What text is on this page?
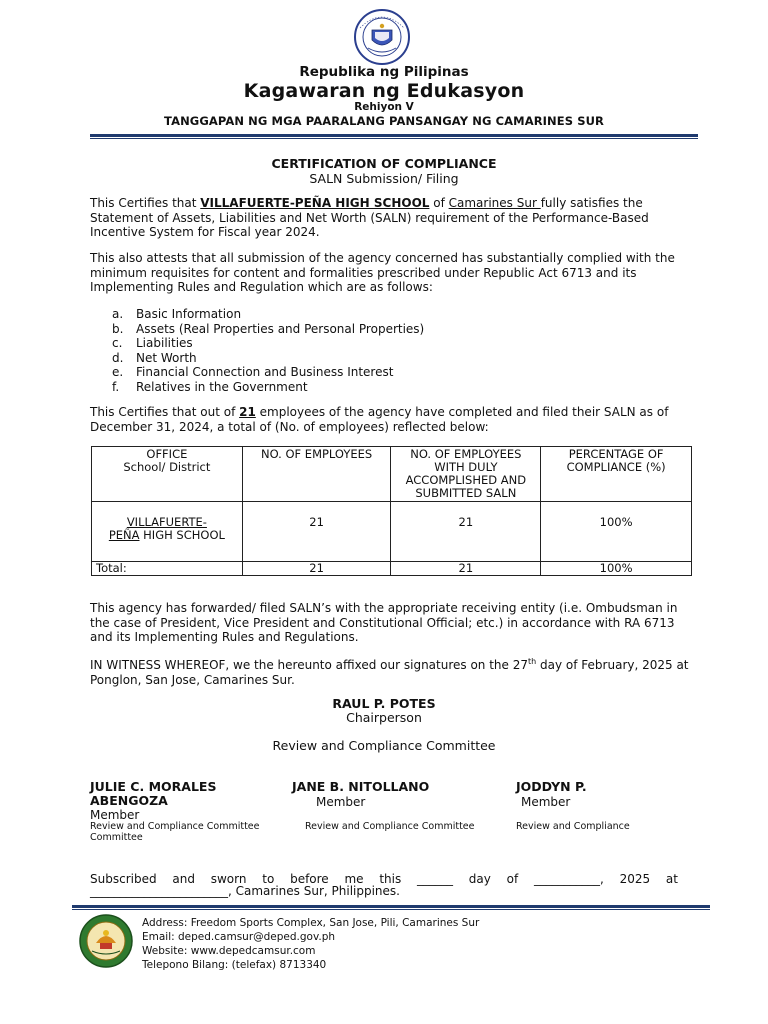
Republika ng Pilipinas
Kagawaran ng Edukasyon
Rehiyon V
TANGGAPAN NG MGA PAARALANG PANSANGAY NG CAMARINES SUR
CERTIFICATION OF COMPLIANCE
SALN Submission/ Filing
This Certifies that VILLAFUERTE-PEÑA HIGH SCHOOL of Camarines Sur fully satisfies the Statement of Assets, Liabilities and Net Worth (SALN) requirement of the Performance-Based Incentive System for Fiscal year 2024.
This also attests that all submission of the agency concerned has substantially complied with the minimum requisites for content and formalities prescribed under Republic Act 6713 and its Implementing Rules and Regulation which are as follows:
a. Basic Information
b. Assets (Real Properties and Personal Properties)
c. Liabilities
d. Net Worth
e. Financial Connection and Business Interest
f. Relatives in the Government
This Certifies that out of 21 employees of the agency have completed and filed their SALN as of December 31, 2024, a total of (No. of employees) reflected below:
OFFICE
School/ District	NO. OF EMPLOYEES	NO. OF EMPLOYEES WITH DULY ACCOMPLISHED AND SUBMITTED SALN	PERCENTAGE OF COMPLIANCE (%)
VILLAFUERTE-
PEÑA HIGH SCHOOL	21	21	100%
Total:	21	21	100%
This agency has forwarded/ filed SALN’s with the appropriate receiving entity (i.e. Ombudsman in the case of President, Vice President and Constitutional Official; etc.) in accordance with RA 6713 and its Implementing Rules and Regulations.
IN WITNESS WHEREOF, we the hereunto affixed our signatures on the 27th day of February, 2025 at Ponglon, San Jose, Camarines Sur.
RAUL P. POTES
Chairperson
Review and Compliance Committee
JULIE C. MORALES
ABENGOZA
Member
Review and Compliance Committee
Committee
JANE B. NITOLLANO
Member
Review and Compliance Committee
JODDYN P.
Member
Review and Compliance
Subscribed and sworn to before me this ______ day of ___________, 2025 at
_______________________, Camarines Sur, Philippines.
Address: Freedom Sports Complex, San Jose, Pili, Camarines Sur
Email: deped.camsur@deped.gov.ph
Website: www.depedcamsur.com
Telepono Bilang: (telefax) 8713340
